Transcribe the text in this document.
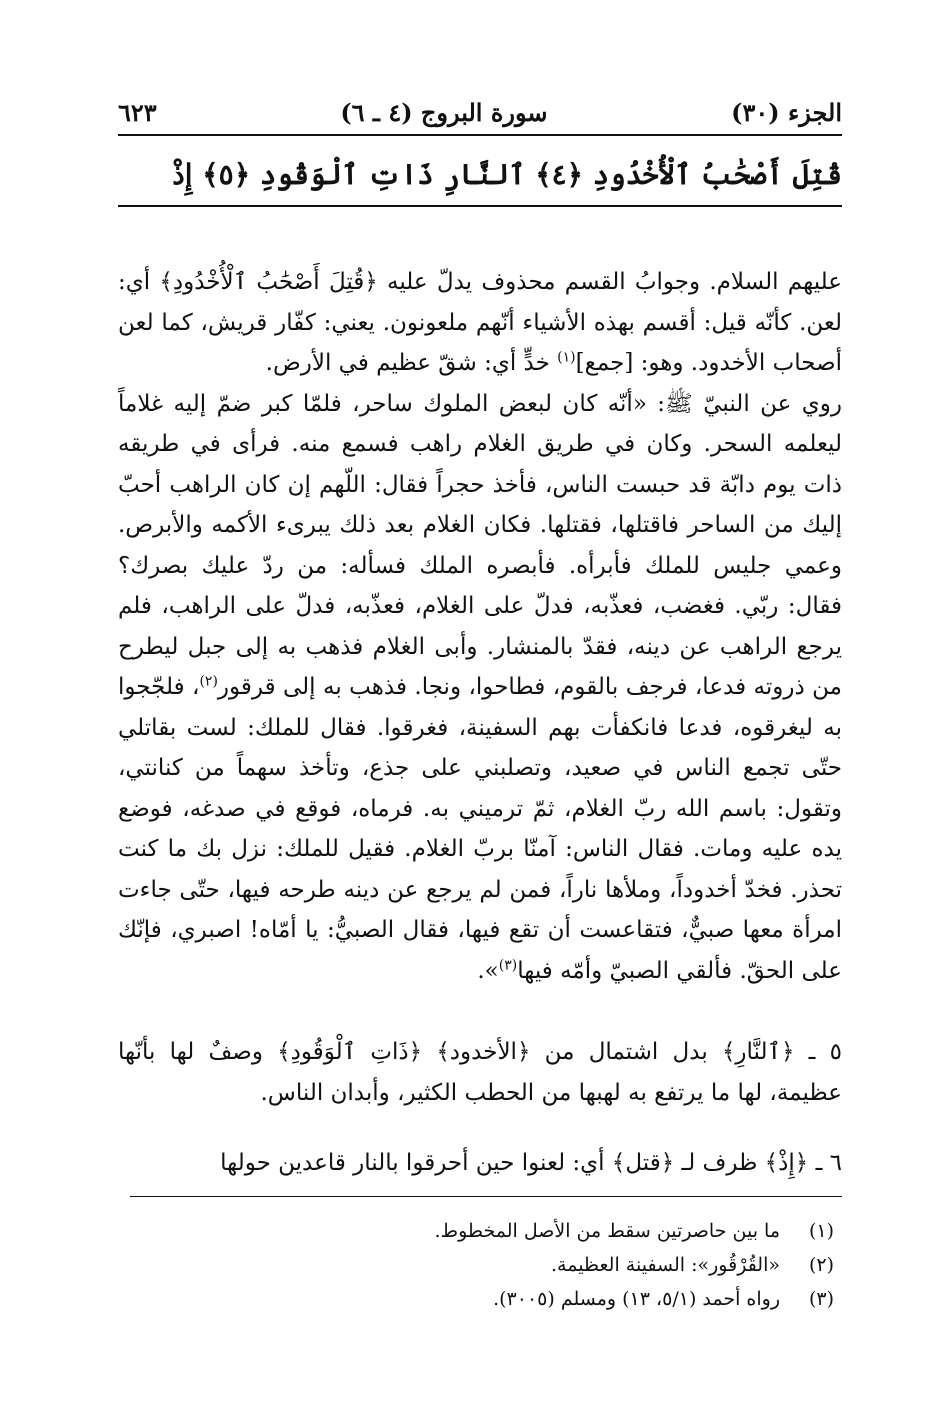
الجزء (٣٠)
سورة البروج (٤ ـ ٦)
٦٢٣
قُتِلَ أَصْحَٰبُ ٱلْأُخْدُودِ ﴿٤﴾ ٱلنَّارِ ذَاتِ ٱلْوَقُودِ ﴿٥﴾ إِذْ

عليهم السلام. وجوابُ القسم محذوف يدلّ عليه ﴿قُتِلَ أَصْحَٰبُ ٱلْأُخْدُودِ﴾ أي: لعن. كأنّه قيل: أقسم بهذه الأشياء أنّهم ملعونون. يعني: كفّار قريش، كما لعن أصحاب الأخدود. وهو: [جمع]$^{(١)}$ خدٍّ أي: شقّ عظيم في الأرض.

روي عن النبيّ ﷺ: «أنّه كان لبعض الملوك ساحر، فلمّا كبر ضمّ إليه غلاماً ليعلمه السحر. وكان في طريق الغلام راهب فسمع منه. فرأى في طريقه ذات يوم دابّة قد حبست الناس، فأخذ حجراً فقال: اللّهم إن كان الراهب أحبّ إليك من الساحر فاقتلها، فقتلها. فكان الغلام بعد ذلك يبرىء الأكمه والأبرص. وعمي جليس للملك فأبرأه. فأبصره الملك فسأله: من ردّ عليك بصرك؟ فقال: ربّي. فغضب، فعذّبه، فدلّ على الغلام، فعذّبه، فدلّ على الراهب، فلم يرجع الراهب عن دينه، فقدّ بالمنشار. وأبى الغلام فذهب به إلى جبل ليطرح من ذروته فدعا، فرجف بالقوم، فطاحوا، ونجا. فذهب به إلى قرقور$^{(٢)}$، فلجّجوا به ليغرقوه، فدعا فانكفأت بهم السفينة، فغرقوا. فقال للملك: لست بقاتلي حتّى تجمع الناس في صعيد، وتصلبني على جذع، وتأخذ سهماً من كنانتي، وتقول: باسم الله ربّ الغلام، ثمّ ترميني به. فرماه، فوقع في صدغه، فوضع يده عليه ومات. فقال الناس: آمنّا بربّ الغلام. فقيل للملك: نزل بك ما كنت تحذر. فخدّ أخدوداً، وملأها ناراً، فمن لم يرجع عن دينه طرحه فيها، حتّى جاءت امرأة معها صبيٌّ، فتقاعست أن تقع فيها، فقال الصبيُّ: يا أمّاه! اصبري، فإنّك على الحقّ. فألقي الصبيّ وأمّه فيها$^{(٣)}$».

٥ ـ ﴿ٱلنَّارِ﴾ بدل اشتمال من ﴿الأخدود﴾ ﴿ذَاتِ ٱلْوَقُودِ﴾ وصفٌ لها بأنّها عظيمة، لها ما يرتفع به لهبها من الحطب الكثير، وأبدان الناس.
٦ ـ ﴿إِذْ﴾ ظرف لـ ﴿قتل﴾ أي: لعنوا حين أحرقوا بالنار قاعدين حولها
(١)
ما بين حاصرتين سقط من الأصل المخطوط.
(٢)
«القُرْقُور»: السفينة العظيمة.
(٣)
رواه أحمد (٥/١، ١٣) ومسلم (٣٠٠٥).
